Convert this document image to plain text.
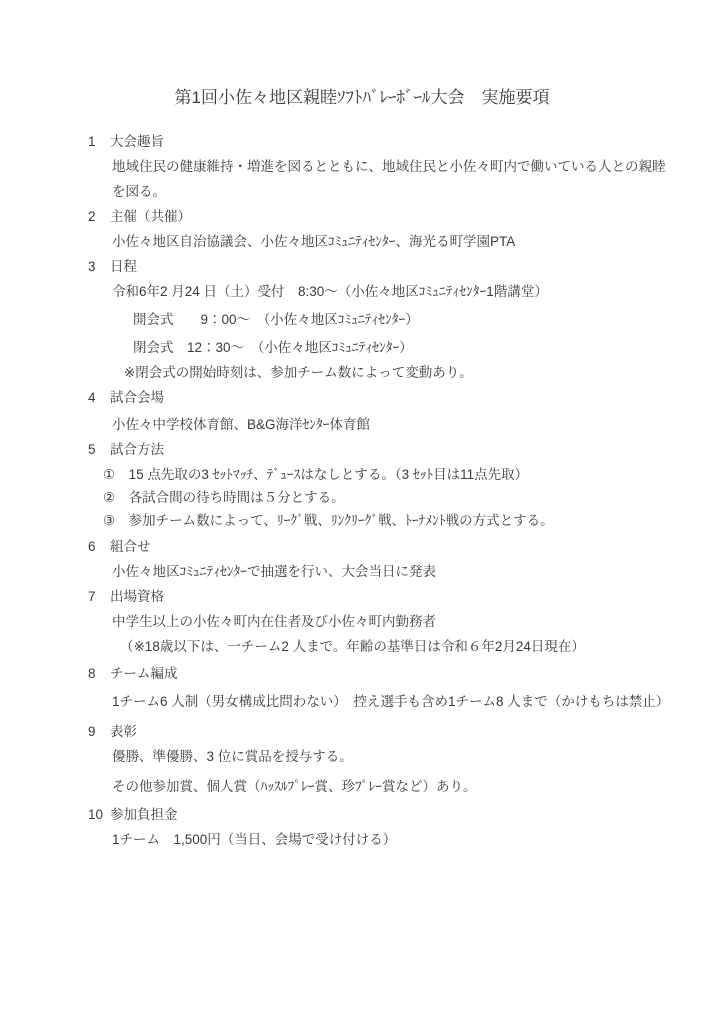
第1回小佐々地区親睦ｿﾌﾄﾊﾞﾚｰﾎﾞｰﾙ大会　実施要項
1 大会趣旨
地域住民の健康維持・増進を図るとともに、地域住民と小佐々町内で働いている人との親睦
を図る。
2 主催（共催）
小佐々地区自治協議会、小佐々地区ｺﾐｭﾆﾃｨｾﾝﾀｰ、海光る町学園PTA
3 日程
令和6年2 月24 日（土）受付　8:30～（小佐々地区ｺﾐｭﾆﾃｨｾﾝﾀｰ1階講堂）
開会式　　9：00～　（小佐々地区ｺﾐｭﾆﾃｨｾﾝﾀｰ）
閉会式　12：30～　（小佐々地区ｺﾐｭﾆﾃｨｾﾝﾀｰ）
※閉会式の開始時刻は、参加チーム数によって変動あり。
4 試合会場
小佐々中学校体育館、B&G海洋ｾﾝﾀｰ体育館
5 試合方法
①　15 点先取の3 ｾｯﾄﾏｯﾁ、ﾃﾞｭｰｽはなしとする。（3 ｾｯﾄ目は11点先取）
②　各試合間の待ち時間は５分とする。
③　参加チーム数によって、ﾘｰｸﾞ戦、ﾘﾝｸﾘｰｸﾞ戦、ﾄｰﾅﾒﾝﾄ戦の方式とする。
6 組合せ
小佐々地区ｺﾐｭﾆﾃｨｾﾝﾀｰで抽選を行い、大会当日に発表
7 出場資格
中学生以上の小佐々町内在住者及び小佐々町内勤務者
（※18歳以下は、一チーム2 人まで。年齢の基準日は令和６年2月24日現在）
8 チーム編成
1チーム6 人制（男女構成比問わない）　控え選手も含め1チーム8 人まで（かけもちは禁止）
9 表彰
優勝、準優勝、3 位に賞品を授与する。
その他参加賞、個人賞（ﾊｯｽﾙﾌﾟﾚｰ賞、珍ﾌﾟﾚｰ賞など）あり。
10 参加負担金
1チーム　1,500円（当日、会場で受け付ける）
